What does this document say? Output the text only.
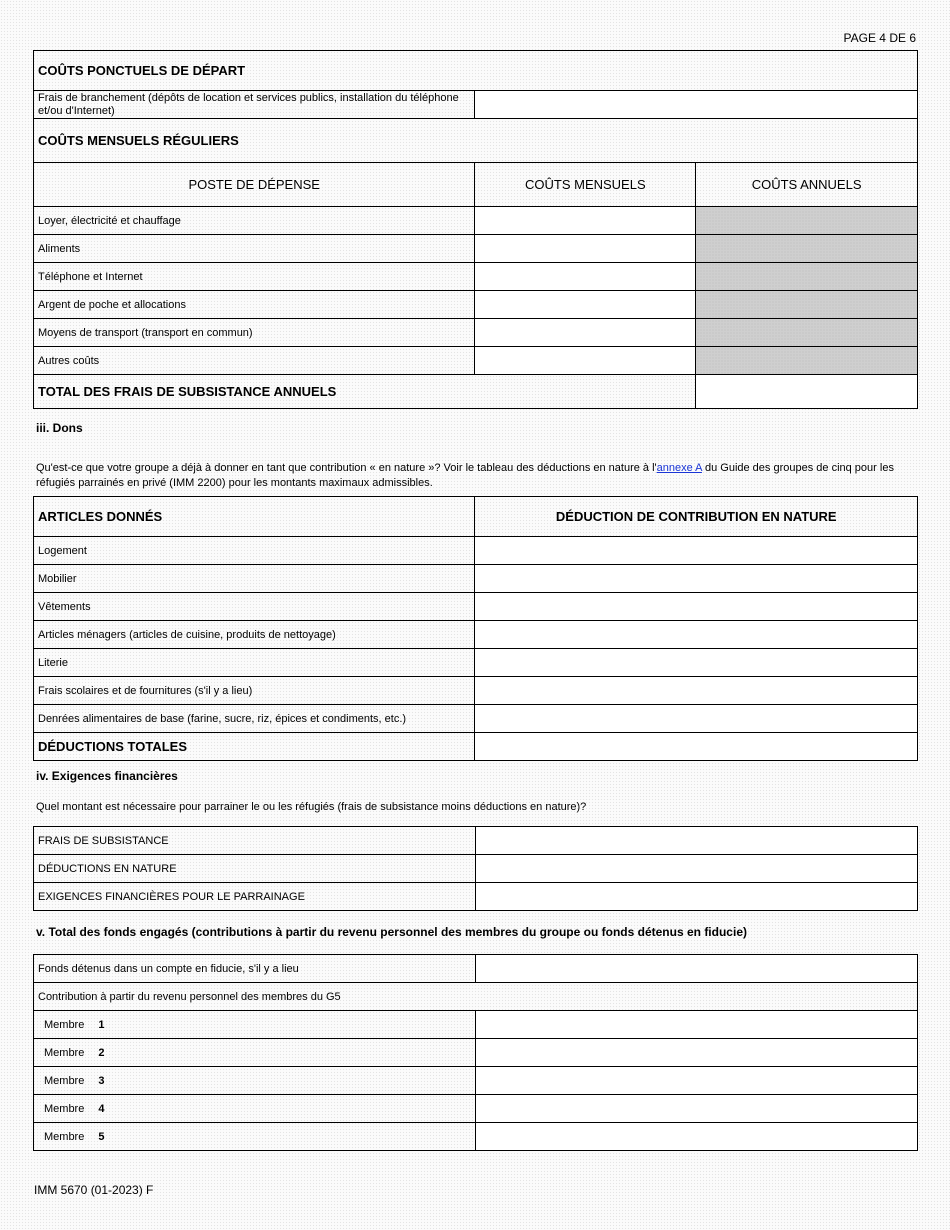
PAGE 4 DE 6
COÛTS PONCTUELS DE DÉPART		
Frais de branchement (dépôts de location et services publics, installation du téléphone et/ou d'Internet)		
COÛTS MENSUELS RÉGULIERS		
POSTE DE DÉPENSE	COÛTS MENSUELS	COÛTS ANNUELS
Loyer, électricité et chauffage		
Aliments		
Téléphone et Internet		
Argent de poche et allocations		
Moyens de transport (transport en commun)		
Autres coûts		
TOTAL DES FRAIS DE SUBSISTANCE ANNUELS		
iii. Dons
Qu'est-ce que votre groupe a déjà à donner en tant que contribution « en nature »? Voir le tableau des déductions en nature à l'annexe A du Guide des groupes de cinq pour les réfugiés parrainés en privé (IMM 2200) pour les montants maximaux admissibles.
ARTICLES DONNÉS	DÉDUCTION DE CONTRIBUTION EN NATURE
Logement	
Mobilier	
Vêtements	
Articles ménagers (articles de cuisine, produits de nettoyage)	
Literie	
Frais scolaires et de fournitures (s'il y a lieu)	
Denrées alimentaires de base (farine, sucre, riz, épices et condiments, etc.)	
DÉDUCTIONS TOTALES	
iv. Exigences financières
Quel montant est nécessaire pour parrainer le ou les réfugiés (frais de subsistance moins déductions en nature)?
FRAIS DE SUBSISTANCE	
DÉDUCTIONS EN NATURE	
EXIGENCES FINANCIÈRES POUR LE PARRAINAGE	
v. Total des fonds engagés (contributions à partir du revenu personnel des membres du groupe ou fonds détenus en fiducie)
Fonds détenus dans un compte en fiducie, s'il y a lieu	
Contribution à partir du revenu personnel des membres du G5	
Membre 1	
Membre 2	
Membre 3	
Membre 4	
Membre 5	
IMM 5670 (01-2023) F
